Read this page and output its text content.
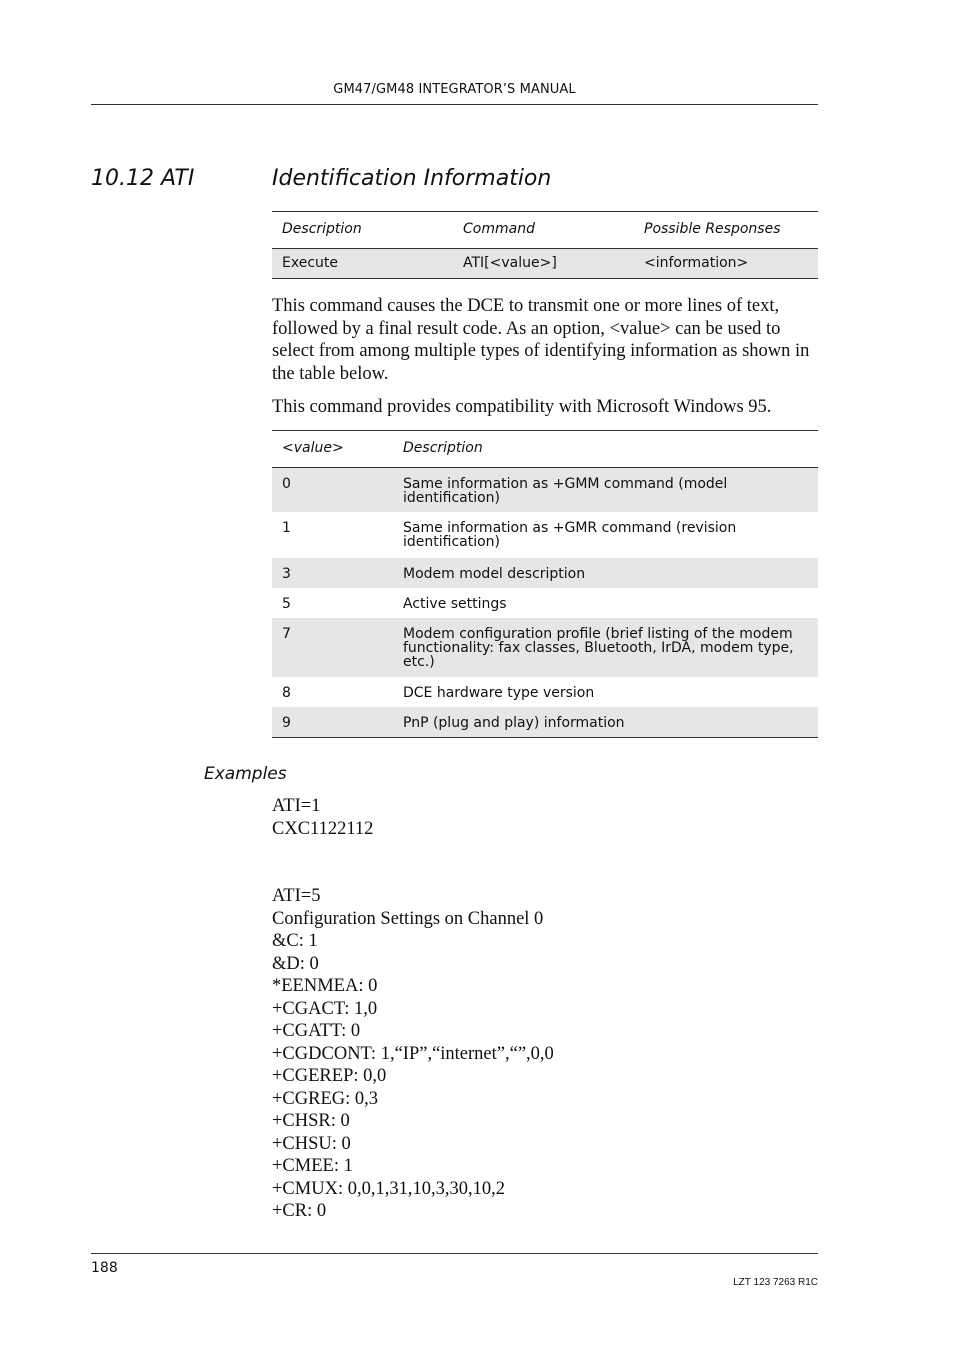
GM47/GM48 INTEGRATOR’S MANUAL
10.12 ATI	Identification Information
Description	Command	Possible Responses
Execute	ATI[<value>]	<information>
This command causes the DCE to transmit one or more lines of text, followed by a final result code. As an option, <value> can be used to select from among multiple types of identifying information as shown in the table below.
This command provides compatibility with Microsoft Windows 95.
<value>	Description
0	Same information as +GMM command (model identification)
1	Same information as +GMR command (revision identification)
3	Modem model description
5	Active settings
7	Modem configuration profile (brief listing of the modem functionality: fax classes, Bluetooth, IrDA, modem type, etc.)
8	DCE hardware type version
9	PnP (plug and play) information
Examples
ATI=1
CXC1122112
ATI=5
Configuration Settings on Channel 0
&C: 1
&D: 0
*EENMEA: 0
+CGACT: 1,0
+CGATT: 0
+CGDCONT: 1,“IP”,“internet”,“”,0,0
+CGEREP: 0,0
+CGREG: 0,3
+CHSR: 0
+CHSU: 0
+CMEE: 1
+CMUX: 0,0,1,31,10,3,30,10,2
+CR: 0
188
LZT 123 7263 R1C
